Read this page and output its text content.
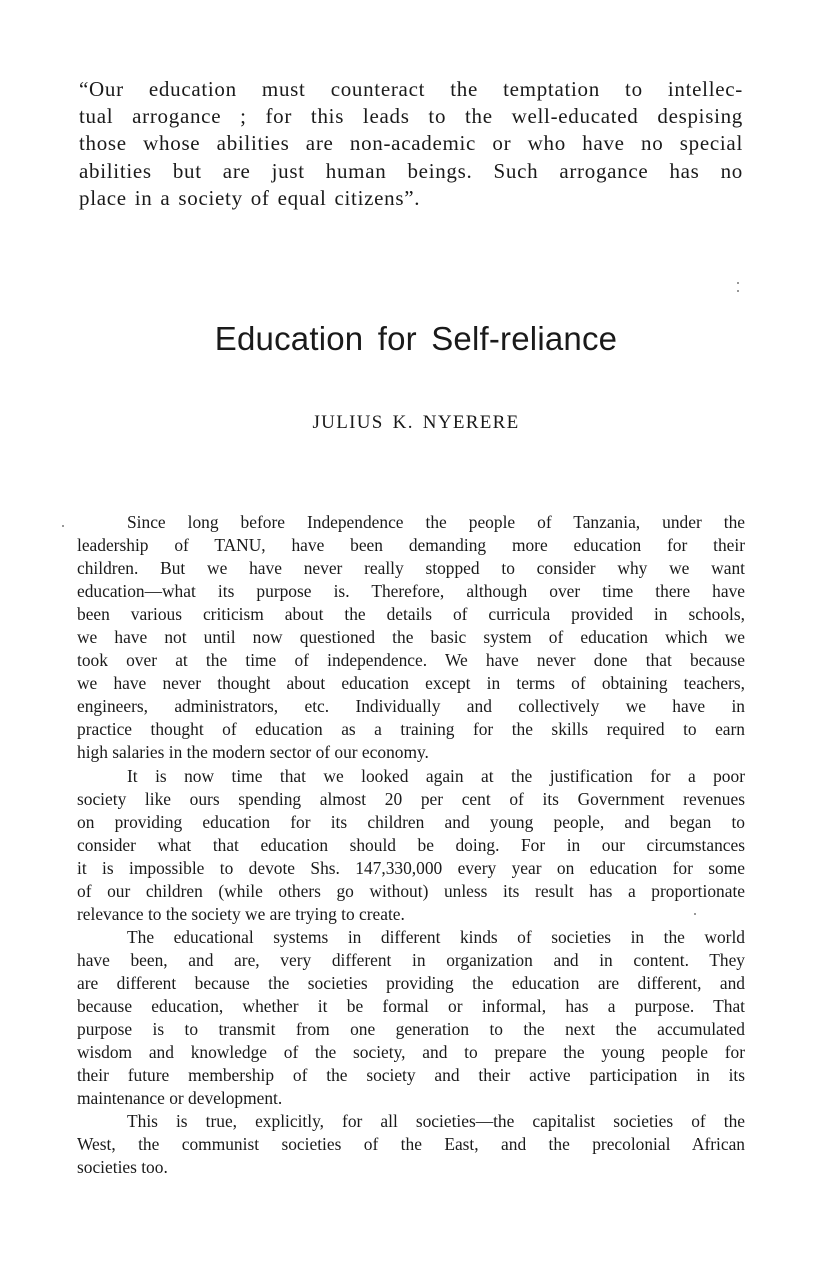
“Our education must counteract the temptation to intellec-
tual arrogance ; for this leads to the well-educated despising
those whose abilities are non-academic or who have no special
abilities but are just human beings. Such arrogance has no
place in a society of equal citizens”.
Education for Self-reliance
JULIUS K. NYERERE
Since long before Independence the people of Tanzania, under the
leadership of TANU, have been demanding more education for their
children. But we have never really stopped to consider why we want
education—what its purpose is. Therefore, although over time there have
been various criticism about the details of curricula provided in schools,
we have not until now questioned the basic system of education which we
took over at the time of independence. We have never done that because
we have never thought about education except in terms of obtaining teachers,
engineers, administrators, etc. Individually and collectively we have in
practice thought of education as a training for the skills required to earn
high salaries in the modern sector of our economy.
It is now time that we looked again at the justification for a poor
society like ours spending almost 20 per cent of its Government revenues
on providing education for its children and young people, and began to
consider what that education should be doing. For in our circumstances
it is impossible to devote Shs. 147,330,000 every year on education for some
of our children (while others go without) unless its result has a proportionate
relevance to the society we are trying to create.
The educational systems in different kinds of societies in the world
have been, and are, very different in organization and in content. They
are different because the societies providing the education are different, and
because education, whether it be formal or informal, has a purpose. That
purpose is to transmit from one generation to the next the accumulated
wisdom and knowledge of the society, and to prepare the young people for
their future membership of the society and their active participation in its
maintenance or development.
This is true, explicitly, for all societies—the capitalist societies of the
West, the communist societies of the East, and the precolonial African
societies too.
